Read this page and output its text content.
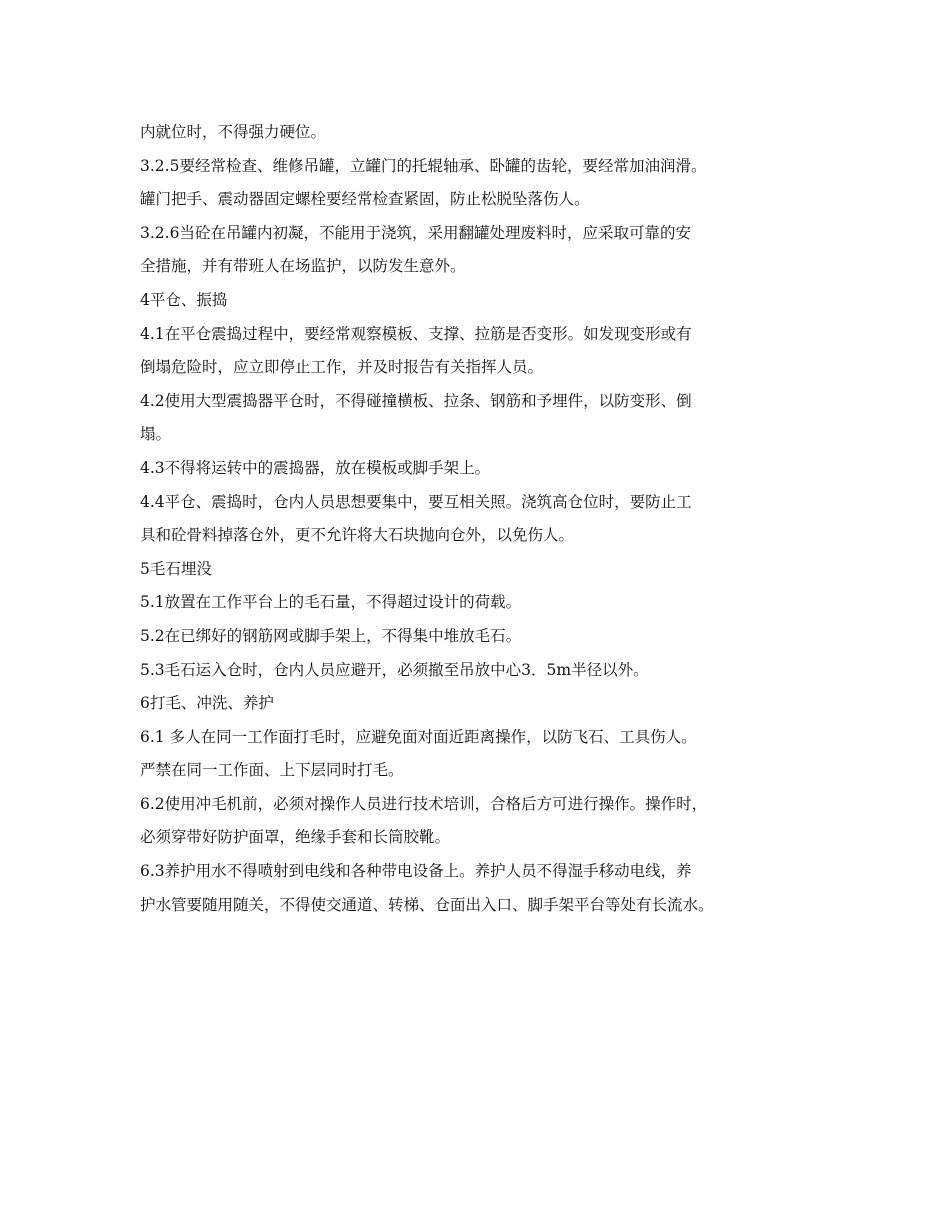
内就位时，不得强力硬位。
3.2.5要经常检查、维修吊罐，立罐门的托辊轴承、卧罐的齿轮，要经常加油润滑。
罐门把手、震动器固定螺栓要经常检查紧固，防止松脱坠落伤人。
3.2.6当砼在吊罐内初凝，不能用于浇筑，采用翻罐处理废料时，应采取可靠的安
全措施，并有带班人在场监护，以防发生意外。
4平仓、振捣
4.1在平仓震捣过程中，要经常观察模板、支撑、拉筋是否变形。如发现变形或有
倒塌危险时，应立即停止工作，并及时报告有关指挥人员。
4.2使用大型震捣器平仓时，不得碰撞横板、拉条、钢筋和予埋件，以防变形、倒
塌。
4.3不得将运转中的震捣器，放在模板或脚手架上。
4.4平仓、震捣时，仓内人员思想要集中，要互相关照。浇筑高仓位时，要防止工
具和砼骨料掉落仓外，更不允许将大石块抛向仓外，以免伤人。
5毛石埋没
5.1放置在工作平台上的毛石量，不得超过设计的荷载。
5.2在已绑好的钢筋网或脚手架上，不得集中堆放毛石。
5.3毛石运入仓时，仓内人员应避开，必须撤至吊放中心3．5m半径以外。
6打毛、冲洗、养护
6.1 多人在同一工作面打毛时，应避免面对面近距离操作，以防飞石、工具伤人。
严禁在同一工作面、上下层同时打毛。
6.2使用冲毛机前，必须对操作人员进行技术培训，合格后方可进行操作。操作时，
必须穿带好防护面罩，绝缘手套和长筒胶靴。
6.3养护用水不得喷射到电线和各种带电设备上。养护人员不得湿手移动电线，养
护水管要随用随关，不得使交通道、转梯、仓面出入口、脚手架平台等处有长流水。
